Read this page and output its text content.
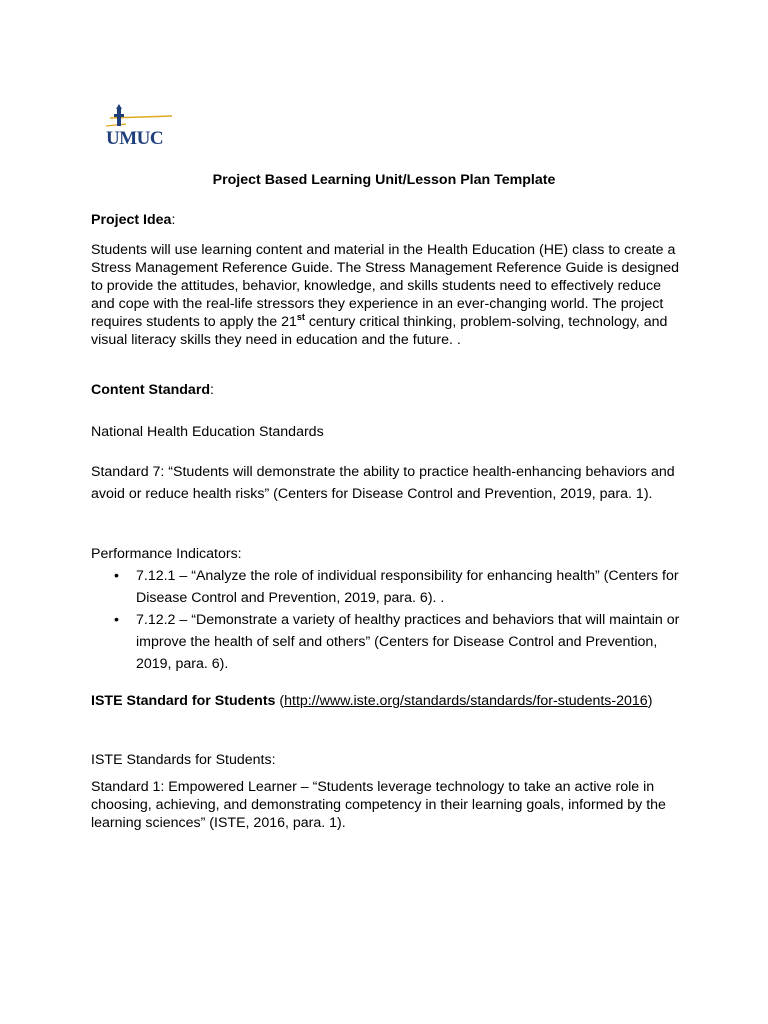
UMUC
Project Based Learning Unit/Lesson Plan Template
Project Idea:

Students will use learning content and material in the Health Education (HE) class to create a Stress Management Reference Guide. The Stress Management Reference Guide is designed to provide the attitudes, behavior, knowledge, and skills students need to effectively reduce and cope with the real-life stressors they experience in an ever-changing world. The project requires students to apply the 21st century critical thinking, problem-solving, technology, and visual literacy skills they need in education and the future. .

Content Standard:
National Health Education Standards

Standard 7: “Students will demonstrate the ability to practice health-enhancing behaviors and avoid or reduce health risks” (Centers for Disease Control and Prevention, 2019, para. 1).

Performance Indicators:
• 7.12.1 – “Analyze the role of individual responsibility for enhancing health” (Centers for Disease Control and Prevention, 2019, para. 6). .
• 7.12.2 – “Demonstrate a variety of healthy practices and behaviors that will maintain or improve the health of self and others” (Centers for Disease Control and Prevention, 2019, para. 6).

ISTE Standard for Students (http://www.iste.org/standards/standards/for-students-2016)

ISTE Standards for Students:

Standard 1: Empowered Learner – “Students leverage technology to take an active role in choosing, achieving, and demonstrating competency in their learning goals, informed by the learning sciences” (ISTE, 2016, para. 1).
